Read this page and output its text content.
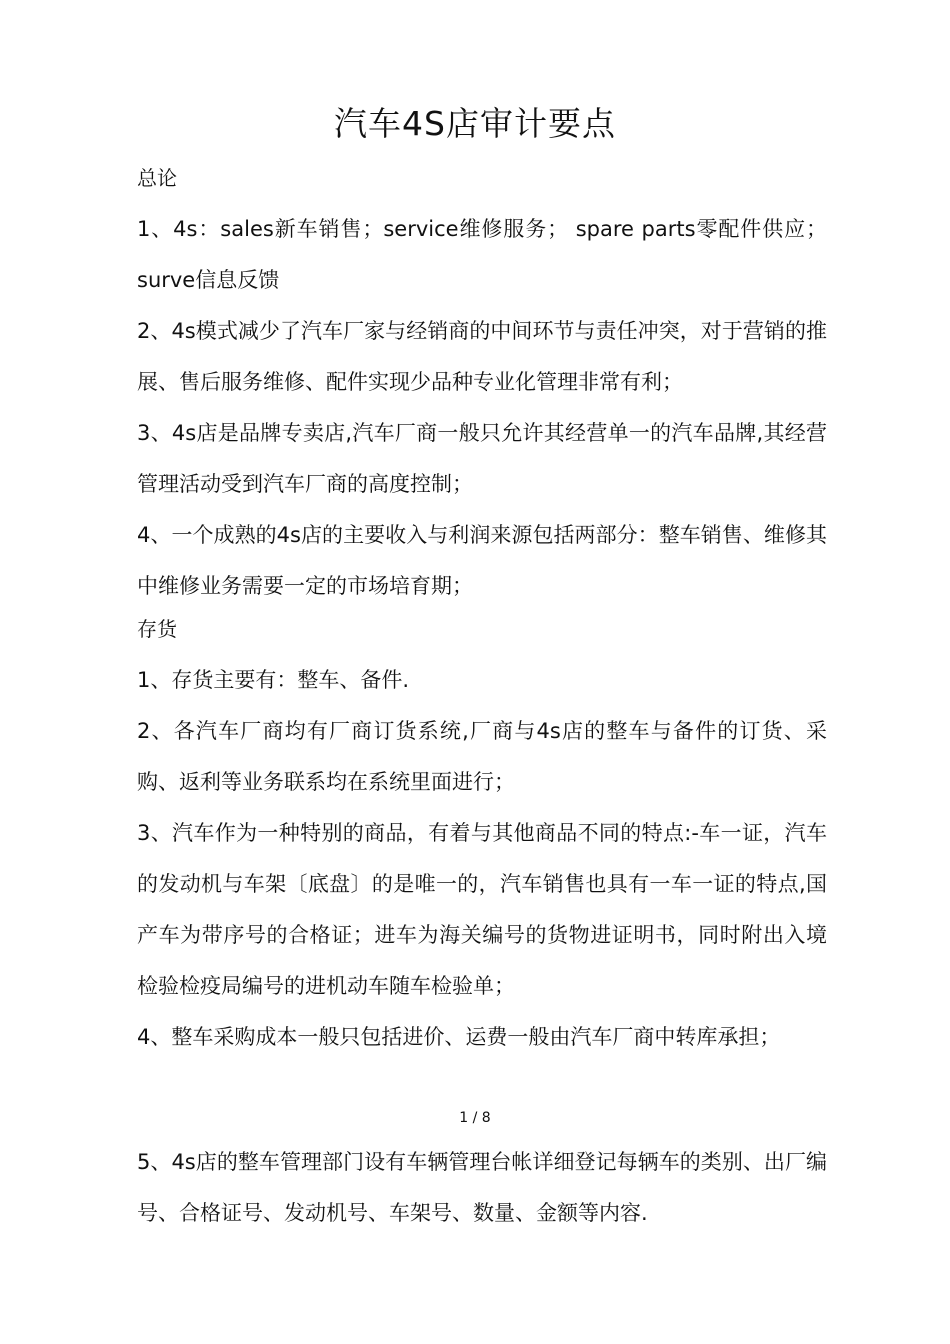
汽车4S店审计要点
总论

1、4s：sales新车销售；service维修服务； spare parts零配件供应；surve信息反馈

2、4s模式减少了汽车厂家与经销商的中间环节与责任冲突，对于营销的推展、售后服务维修、配件实现少品种专业化管理非常有利；

3、4s店是品牌专卖店,汽车厂商一般只允许其经营单一的汽车品牌,其经营管理活动受到汽车厂商的高度控制；

4、一个成熟的4s店的主要收入与利润来源包括两部分：整车销售、维修其中维修业务需要一定的市场培育期；

存货

1、存货主要有：整车、备件.

2、各汽车厂商均有厂商订货系统,厂商与4s店的整车与备件的订货、采购、返利等业务联系均在系统里面进行；

3、汽车作为一种特别的商品，有着与其他商品不同的特点:-车一证，汽车的发动机与车架〔底盘〕的是唯一的，汽车销售也具有一车一证的特点,国产车为带序号的合格证；进车为海关编号的货物进证明书，同时附出入境检验检疫局编号的进机动车随车检验单；

4、整车采购成本一般只包括进价、运费一般由汽车厂商中转库承担；

1 / 8

5、4s店的整车管理部门设有车辆管理台帐详细登记每辆车的类别、出厂编号、合格证号、发动机号、车架号、数量、金额等内容.
